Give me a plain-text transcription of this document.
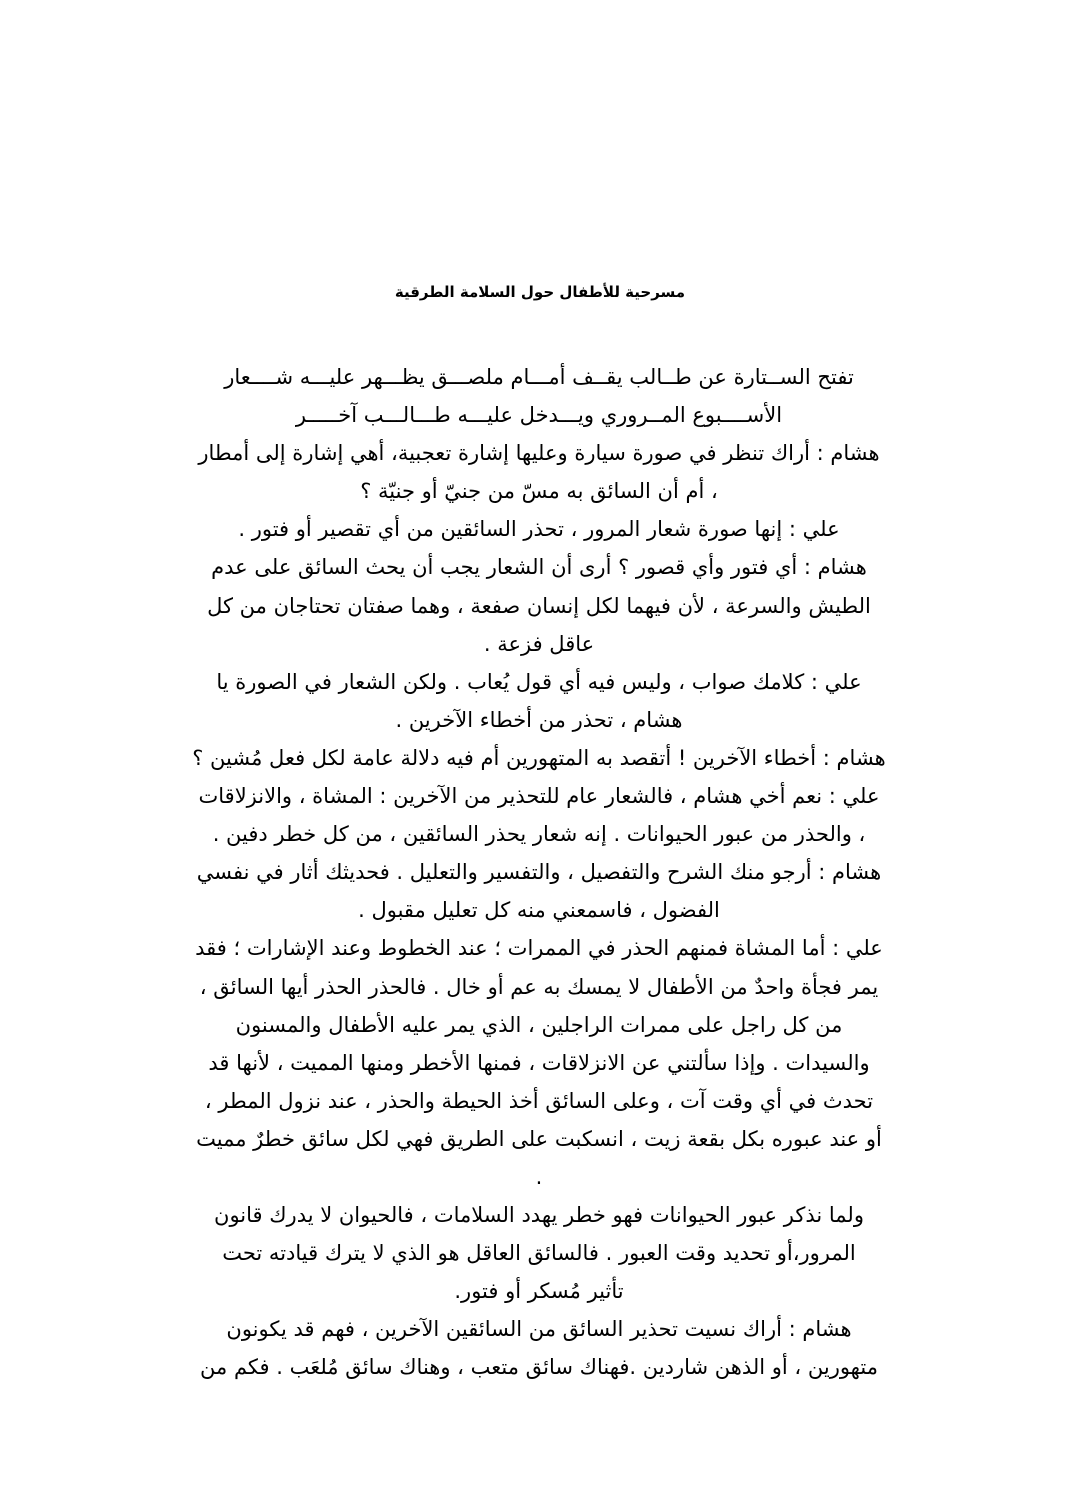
مسرحية للأطفال حول السلامة الطرقية
تفتح الســتارة عن طــالب يقــف أمـــام ملصـــق يظـــهر عليـــه شــــعار
الأســــبوع المــروري ويـــدخل عليـــه طـــالـــب آخـــــر
هشام : أراك تنظر في صورة سيارة وعليها إشارة تعجبية، أهي إشارة إلى أمطار
، أم أن السائق به مسّ من جنيّ أو جنيّة ؟
علي : إنها صورة شعار المرور ، تحذر السائقين من أي تقصير أو فتور .
هشام : أي فتور وأي قصور ؟ أرى أن الشعار يجب أن يحث السائق على عدم
الطيش والسرعة ، لأن فيهما لكل إنسان صفعة ، وهما صفتان تحتاجان من كل
عاقل فزعة .
علي : كلامك صواب ، وليس فيه أي قول يُعاب . ولكن الشعار في الصورة يا
هشام ، تحذر من أخطاء الآخرين .
هشام : أخطاء الآخرين ! أتقصد به المتهورين أم فيه دلالة عامة لكل فعل مُشين ؟
علي : نعم أخي هشام ، فالشعار عام للتحذير من الآخرين : المشاة ، والانزلاقات
، والحذر من عبور الحيوانات . إنه شعار يحذر السائقين ، من كل خطر دفين .
هشام : أرجو منك الشرح والتفصيل ، والتفسير والتعليل . فحديثك أثار في نفسي
الفضول ، فاسمعني منه كل تعليل مقبول .
علي : أما المشاة فمنهم الحذر في الممرات ؛ عند الخطوط وعند الإشارات ؛ فقد
يمر فجأة واحدٌ من الأطفال لا يمسك به عم أو خال . فالحذر الحذر أيها السائق ،
من كل راجل على ممرات الراجلين ، الذي يمر عليه الأطفال والمسنون
والسيدات . وإذا سألتني عن الانزلاقات ، فمنها الأخطر ومنها المميت ، لأنها قد
تحدث في أي وقت آت ، وعلى السائق أخذ الحيطة والحذر ، عند نزول المطر ،
أو عند عبوره بكل بقعة زيت ، انسكبت على الطريق فهي لكل سائق خطرٌ مميت
.
ولما نذكر عبور الحيوانات فهو خطر يهدد السلامات ، فالحيوان لا يدرك قانون
المرور،أو تحديد وقت العبور . فالسائق العاقل هو الذي لا يترك قيادته تحت
تأثير مُسكر أو فتور.
هشام : أراك نسيت تحذير السائق من السائقين الآخرين ، فهم قد يكونون
متهورين ، أو الذهن شاردين .فهناك سائق متعب ، وهناك سائق مُلعَب . فكم من
